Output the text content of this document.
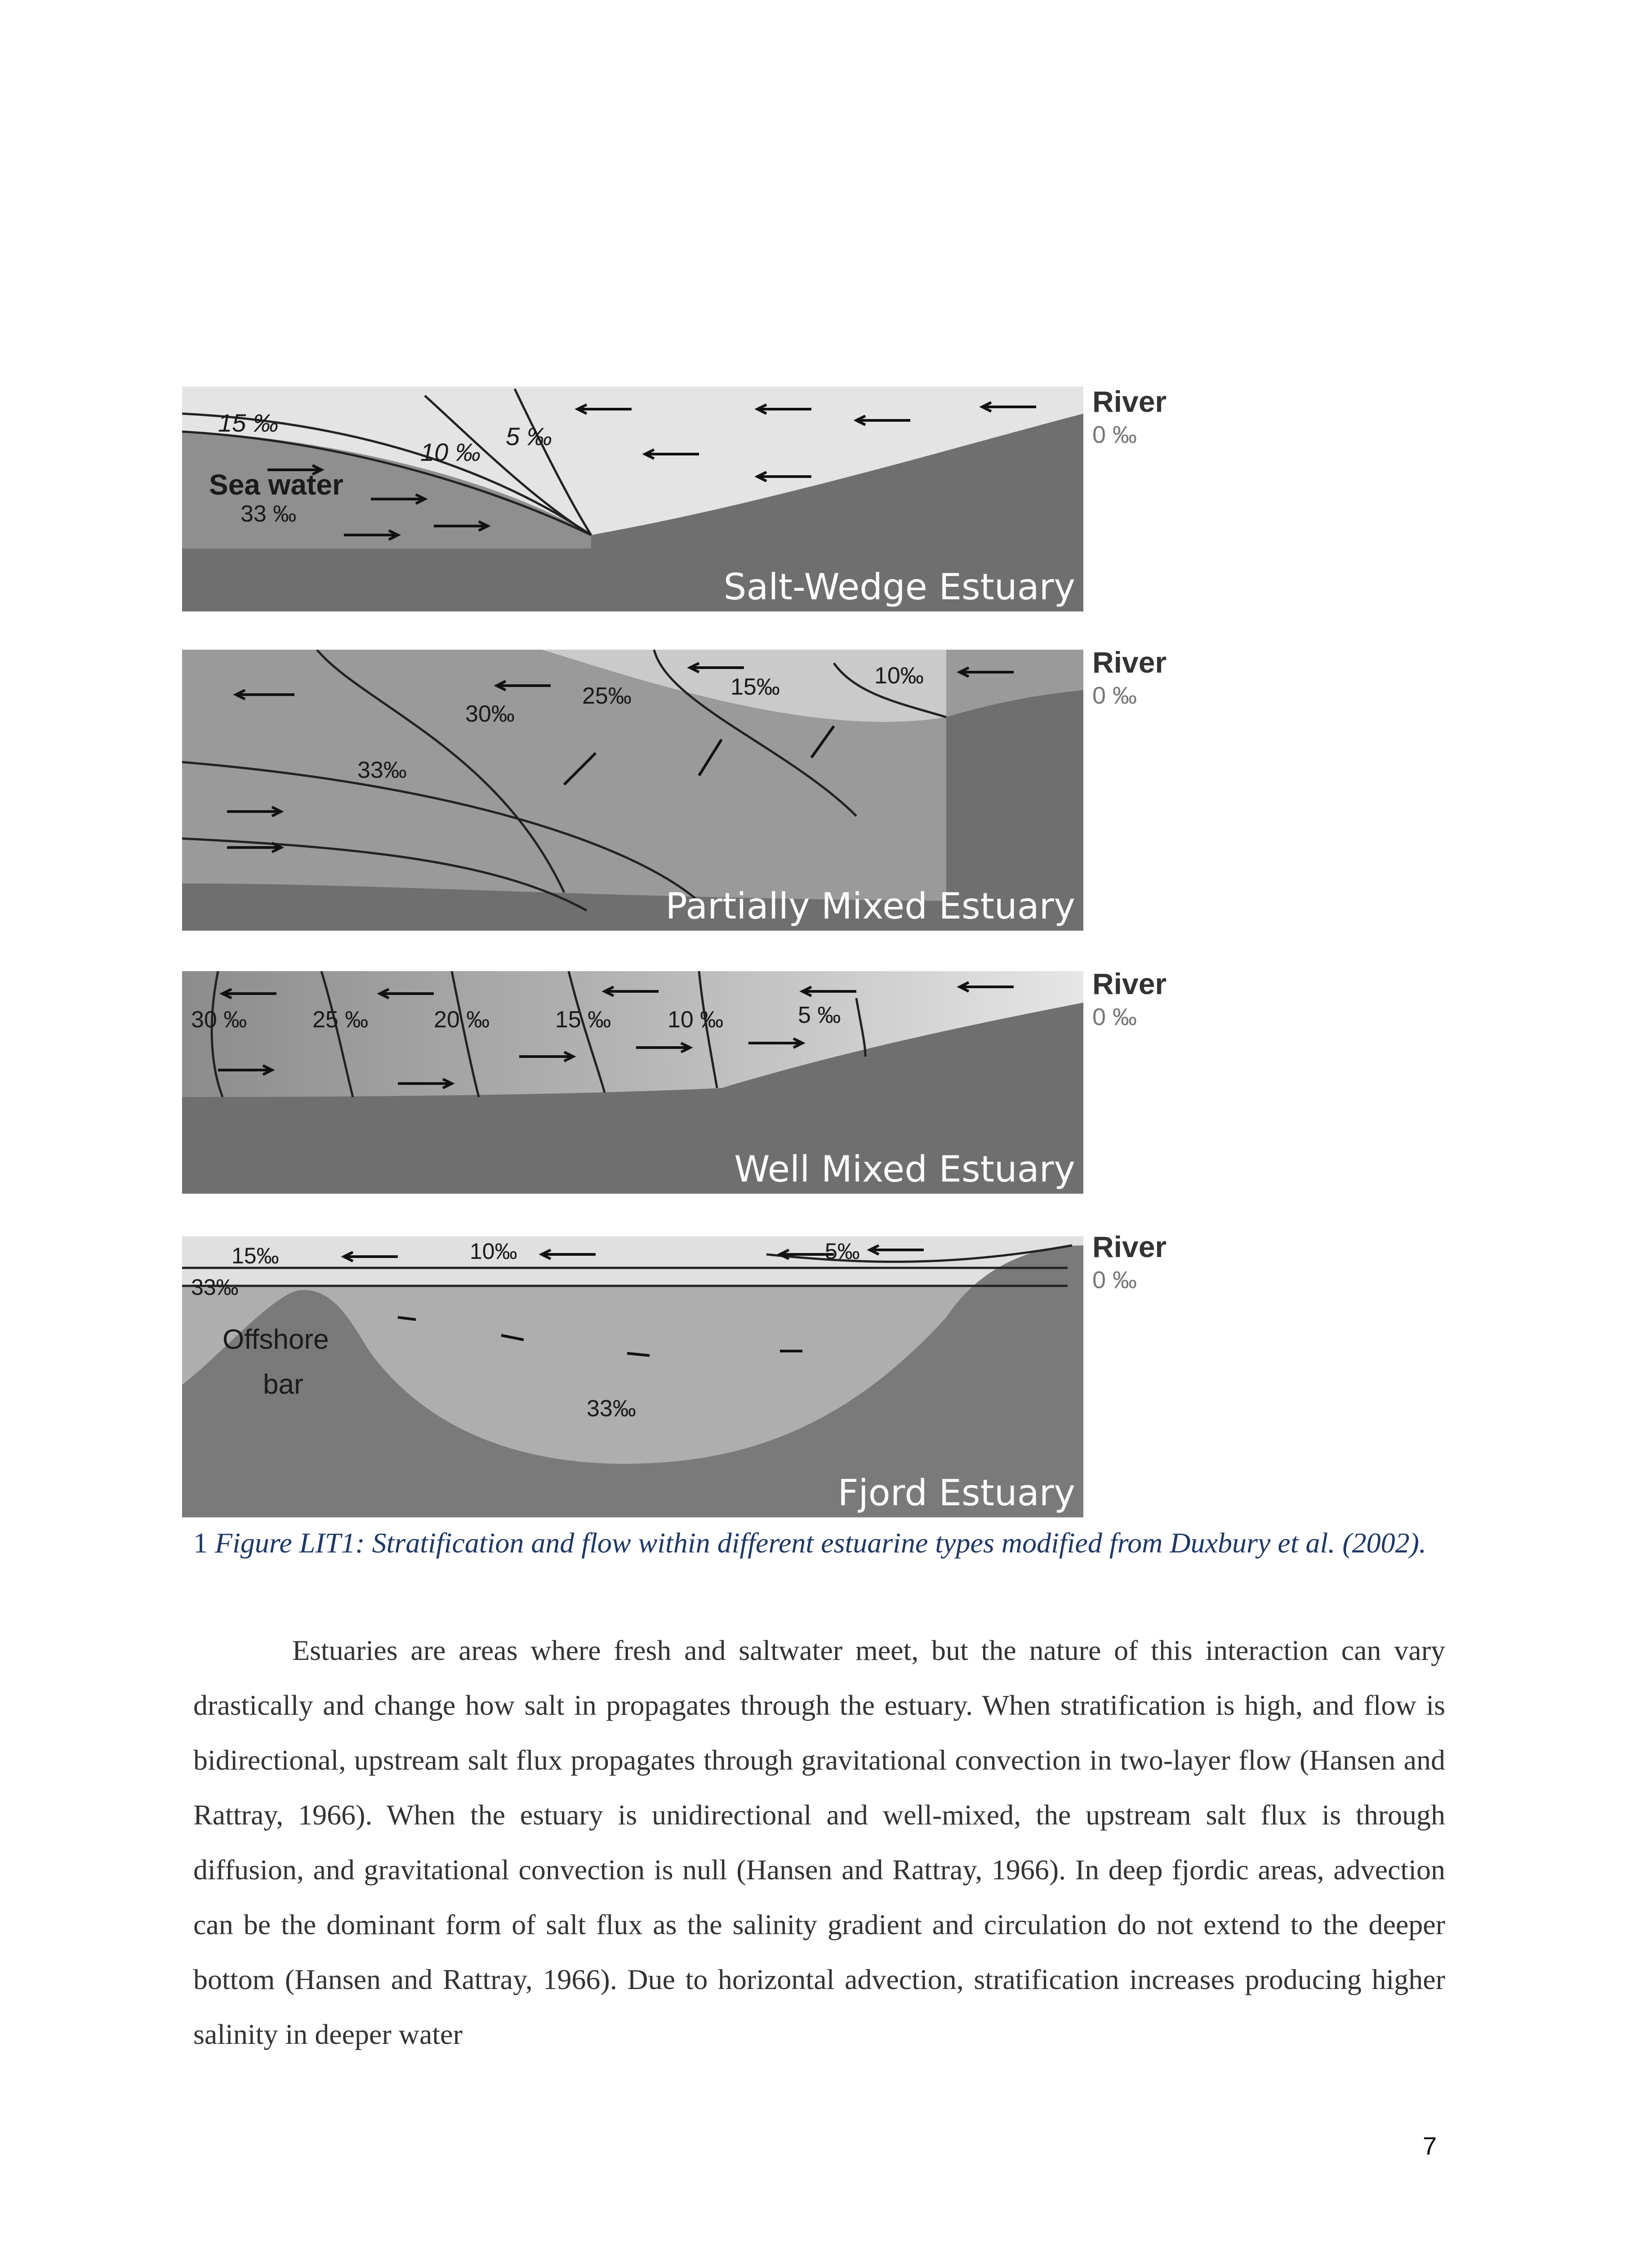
15 ‰
10 ‰
5 ‰
Sea water
33 ‰
Salt-Wedge Estuary
River
0 ‰
30‰
25‰	15‰	10‰
33‰
Partially Mixed Estuary
River
0 ‰
30 ‰	25 ‰	20 ‰	15 ‰ 10 ‰	5 ‰
Well Mixed Estuary
River
0 ‰
15‰
33‰
10‰	5‰
Offshore
bar
33‰
Fjord Estuary
River
0 ‰
1 Figure LIT1: Stratification and flow within different estuarine types modified from Duxbury et al. (2002).

Estuaries are areas where fresh and saltwater meet, but the nature of this interaction can vary drastically and change how salt in propagates through the estuary. When stratification is high, and flow is bidirectional, upstream salt flux propagates through gravitational convection in two-layer flow (Hansen and Rattray, 1966). When the estuary is unidirectional and well-mixed, the upstream salt flux is through diffusion, and gravitational convection is null (Hansen and Rattray, 1966). In deep fjordic areas, advection can be the dominant form of salt flux as the salinity gradient and circulation do not extend to the deeper bottom (Hansen and Rattray, 1966). Due to horizontal advection, stratification increases producing higher salinity in deeper water

7
